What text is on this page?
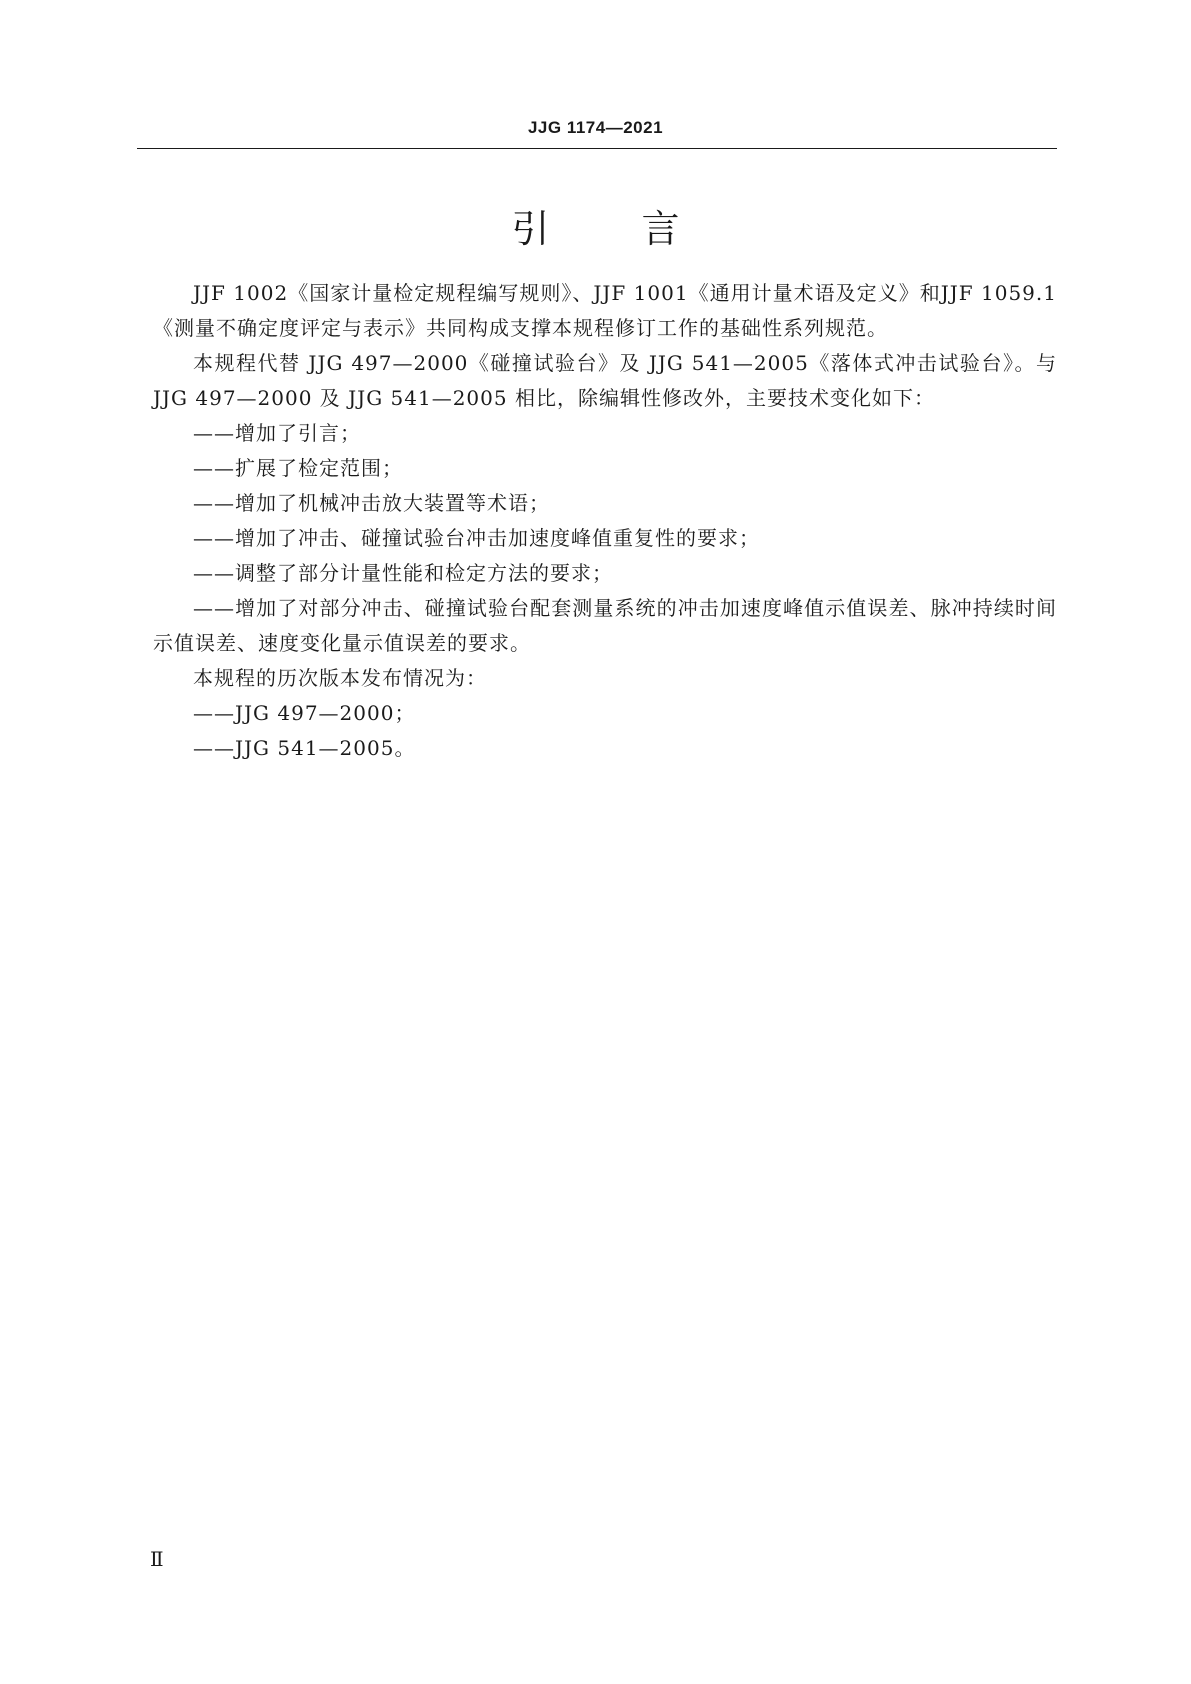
JJG 1174—2021
引 言

JJF 1002《国家计量检定规程编写规则》、JJF 1001《通用计量术语及定义》和JJF 1059.1《测量不确定度评定与表示》共同构成支撑本规程修订工作的基础性系列规范。

本规程代替 JJG 497—2000《碰撞试验台》及 JJG 541—2005《落体式冲击试验台》。与 JJG 497—2000 及 JJG 541—2005 相比，除编辑性修改外，主要技术变化如下：

——增加了引言；

——扩展了检定范围；

——增加了机械冲击放大装置等术语；

——增加了冲击、碰撞试验台冲击加速度峰值重复性的要求；

——调整了部分计量性能和检定方法的要求；

——增加了对部分冲击、碰撞试验台配套测量系统的冲击加速度峰值示值误差、脉冲持续时间示值误差、速度变化量示值误差的要求。

本规程的历次版本发布情况为：

——JJG 497—2000；

——JJG 541—2005。

Ⅱ
